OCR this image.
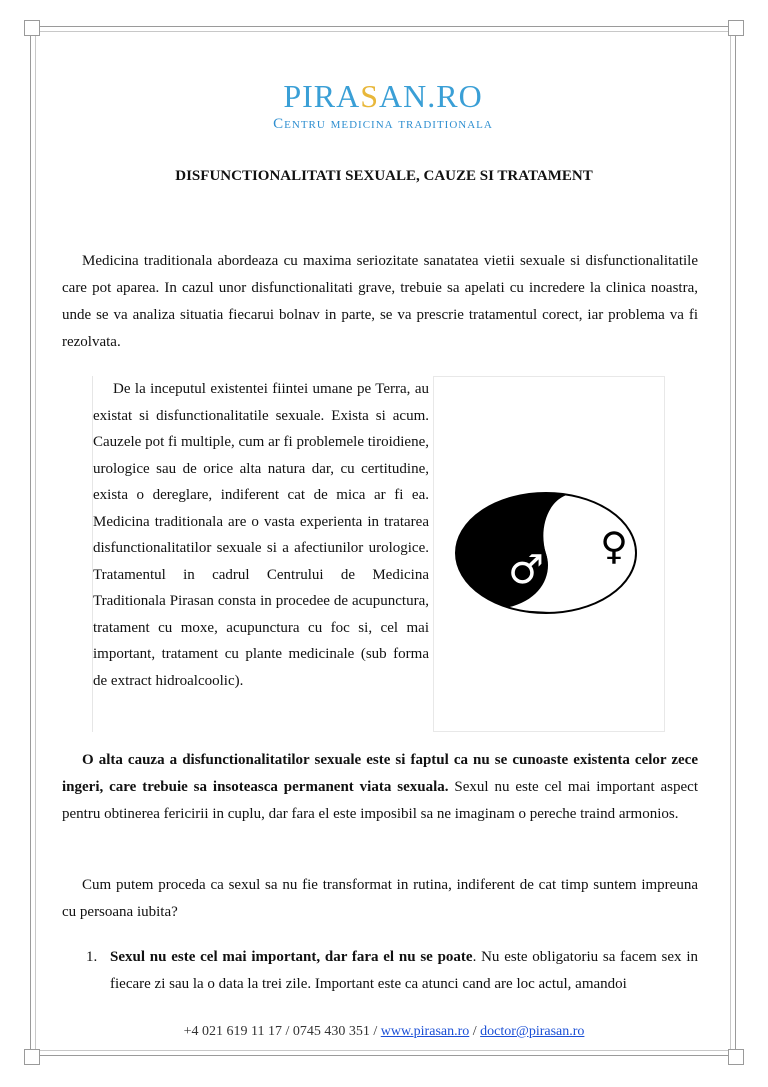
PIRASAN.RO
Centru medicina traditionala
DISFUNCTIONALITATI SEXUALE, CAUZE SI TRATAMENT
Medicina traditionala abordeaza cu maxima seriozitate sanatatea vietii sexuale si disfunctionalitatile care pot aparea. In cazul unor disfunctionalitati grave, trebuie sa apelati cu incredere la clinica noastra, unde se va analiza situatia fiecarui bolnav in parte, se va prescrie tratamentul corect, iar problema va fi rezolvata.
De la inceputul existentei fiintei umane pe Terra, au existat si disfunctionalitatile sexuale. Exista si acum. Cauzele pot fi multiple, cum ar fi problemele tiroidiene, urologice sau de orice alta natura dar, cu certitudine, exista o dereglare, indiferent cat de mica ar fi ea. Medicina traditionala are o vasta experienta in tratarea disfunctionalitatilor sexuale si a afectiunilor urologice. Tratamentul in cadrul Centrului de Medicina Traditionala Pirasan consta in procedee de acupunctura, tratament cu moxe, acupunctura cu foc si, cel mai important, tratament cu plante medicinale (sub forma de extract hidroalcoolic).
♂
♀
O alta cauza a disfunctionalitatilor sexuale este si faptul ca nu se cunoaste existenta celor zece ingeri, care trebuie sa insoteasca permanent viata sexuala. Sexul nu este cel mai important aspect pentru obtinerea fericirii in cuplu, dar fara el este imposibil sa ne imaginam o pereche traind armonios.
Cum putem proceda ca sexul sa nu fie transformat in rutina, indiferent de cat timp suntem impreuna cu persoana iubita?
1. Sexul nu este cel mai important, dar fara el nu se poate. Nu este obligatoriu sa facem sex in fiecare zi sau la o data la trei zile. Important este ca atunci cand are loc actul, amandoi
+4 021 619 11 17 / 0745 430 351 / www.pirasan.ro / doctor@pirasan.ro
